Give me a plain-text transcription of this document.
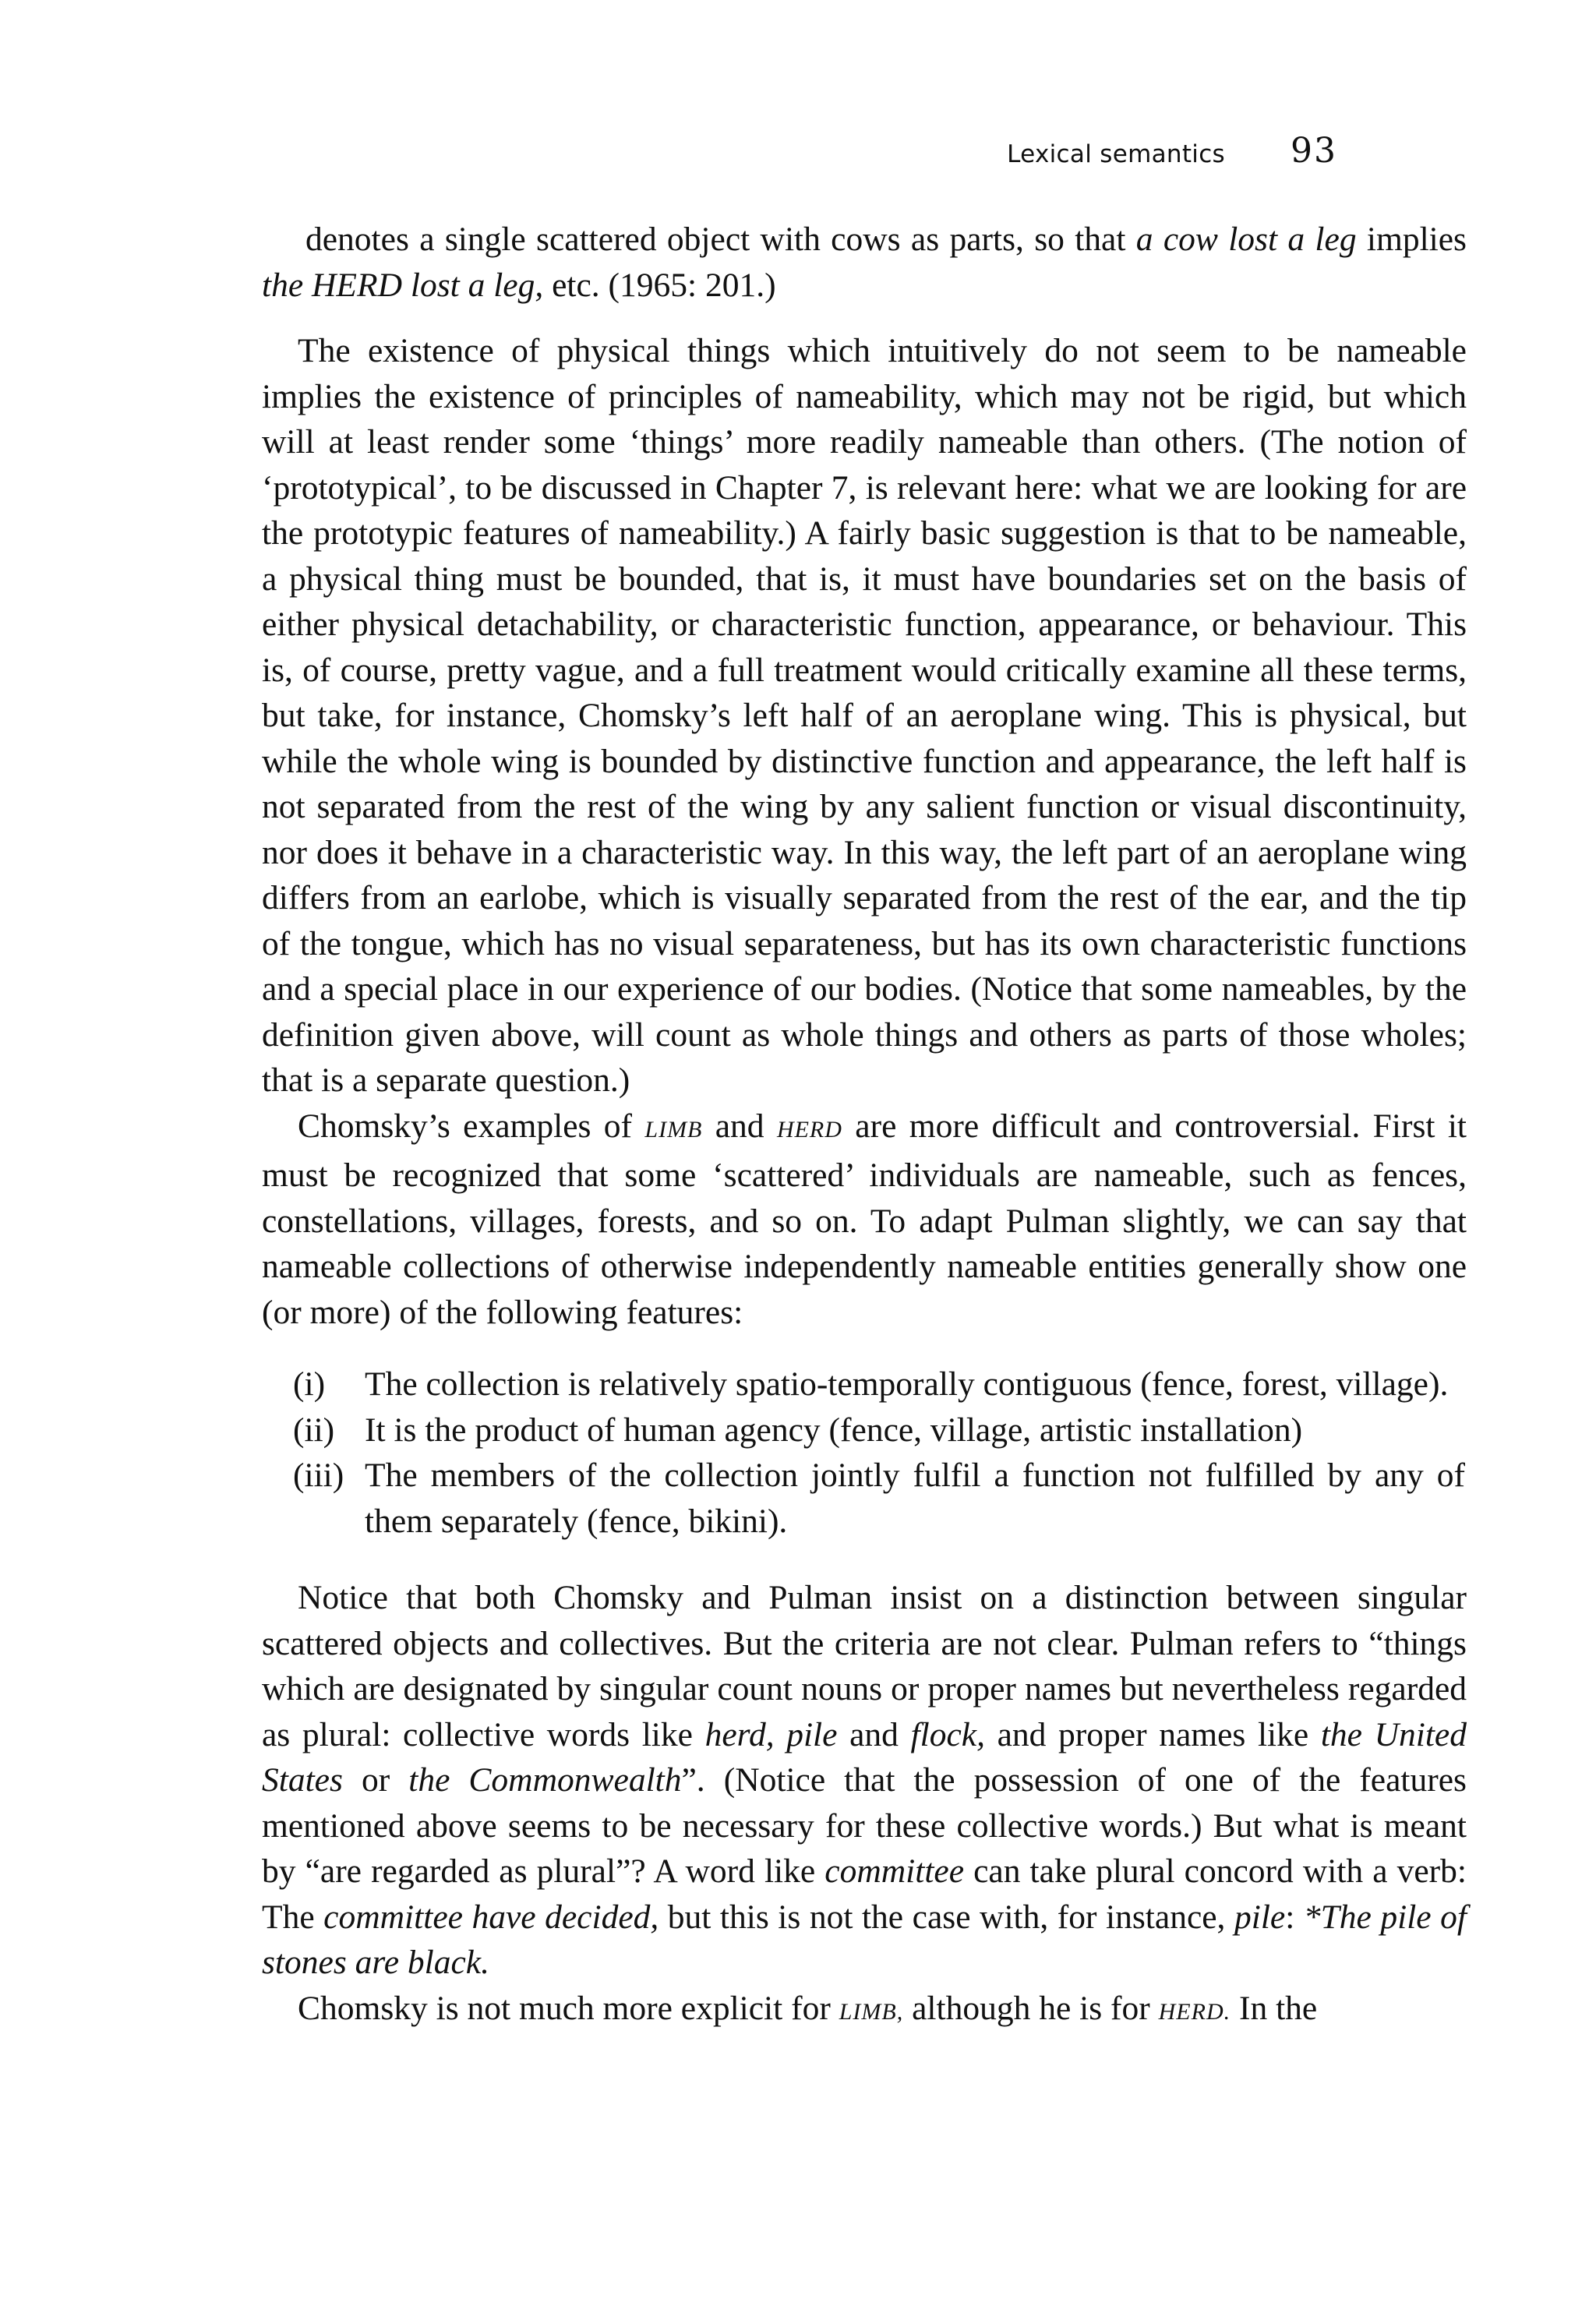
Lexical semantics 93

denotes a single scattered object with cows as parts, so that a cow lost a leg implies the HERD lost a leg, etc. (1965: 201.)

The existence of physical things which intuitively do not seem to be nameable implies the existence of principles of nameability, which may not be rigid, but which will at least render some ‘things’ more readily nameable than others. (The notion of ‘prototypical’, to be discussed in Chapter 7, is relevant here: what we are looking for are the prototypic features of nameability.) A fairly basic suggestion is that to be nameable, a physical thing must be bounded, that is, it must have boundaries set on the basis of either physical detachability, or characteristic function, appearance, or behaviour. This is, of course, pretty vague, and a full treatment would critically examine all these terms, but take, for instance, Chomsky’s left half of an aeroplane wing. This is physical, but while the whole wing is bounded by distinctive function and appearance, the left half is not separated from the rest of the wing by any salient function or visual discontinuity, nor does it behave in a characteristic way. In this way, the left part of an aeroplane wing differs from an earlobe, which is visually separated from the rest of the ear, and the tip of the tongue, which has no visual separateness, but has its own characteristic functions and a special place in our experience of our bodies. (Notice that some nameables, by the definition given above, will count as whole things and others as parts of those wholes; that is a separate question.)

Chomsky’s examples of LIMB and HERD are more difficult and controversial. First it must be recognized that some ‘scattered’ individuals are nameable, such as fences, constellations, villages, forests, and so on. To adapt Pulman slightly, we can say that nameable collections of otherwise independently nameable entities generally show one (or more) of the following features:

(i) The collection is relatively spatio-temporally contiguous (fence, forest, village).
(ii) It is the product of human agency (fence, village, artistic installation)
(iii) The members of the collection jointly fulfil a function not fulfilled by any of them separately (fence, bikini).

Notice that both Chomsky and Pulman insist on a distinction between singular scattered objects and collectives. But the criteria are not clear. Pulman refers to “things which are designated by singular count nouns or proper names but nevertheless regarded as plural: collective words like herd, pile and flock, and proper names like the United States or the Commonwealth”. (Notice that the possession of one of the features mentioned above seems to be necessary for these collective words.) But what is meant by “are regarded as plural”? A word like committee can take plural concord with a verb: The committee have decided, but this is not the case with, for instance, pile: *The pile of stones are black.

Chomsky is not much more explicit for LIMB, although he is for HERD. In the
